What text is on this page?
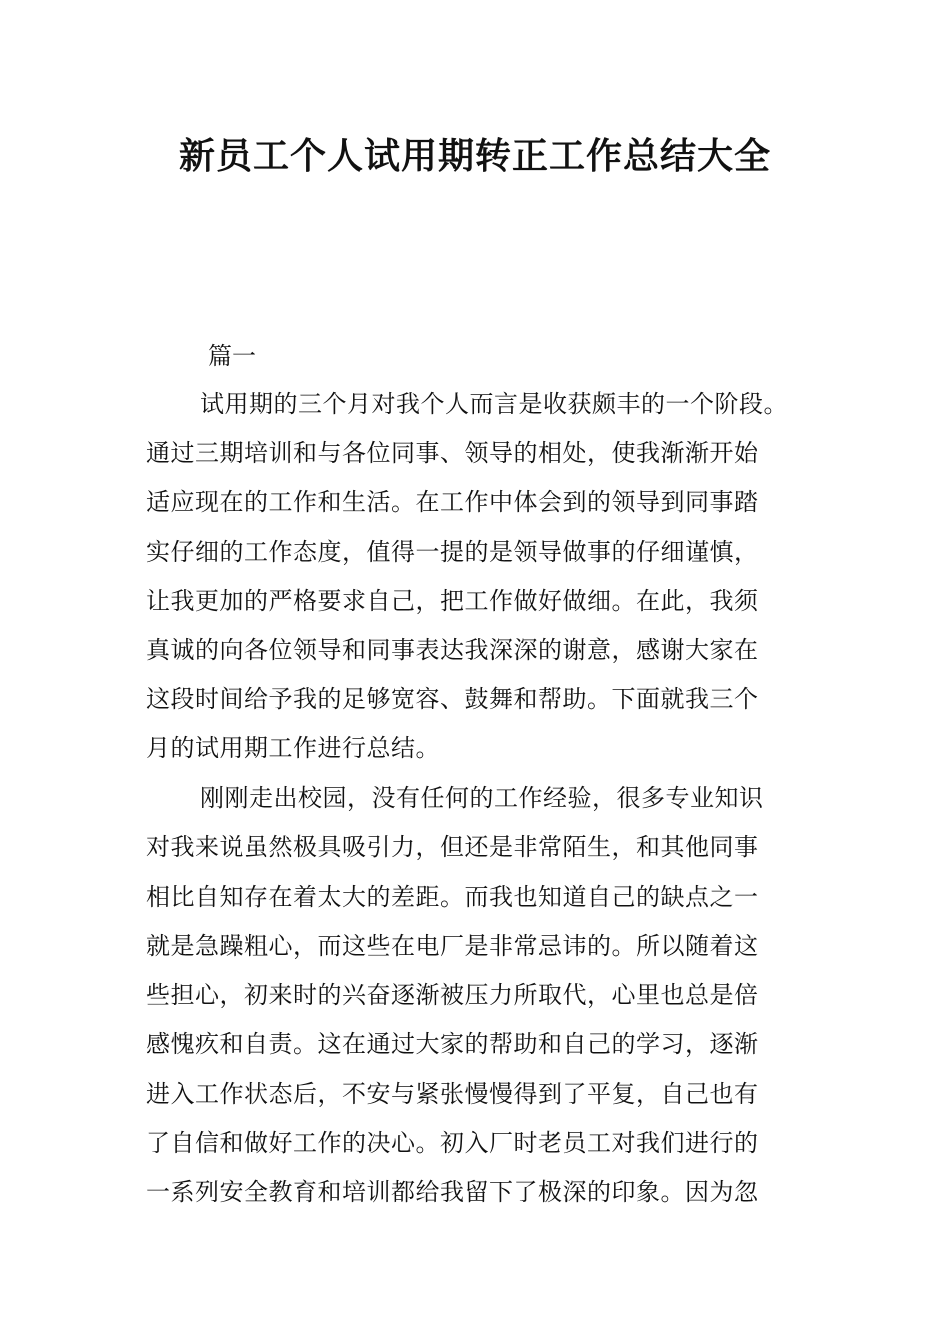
新员工个人试用期转正工作总结大全

篇一

试用期的三个月对我个人而言是收获颇丰的一个阶段。

通过三期培训和与各位同事、领导的相处，使我渐渐开始

适应现在的工作和生活。在工作中体会到的领导到同事踏

实仔细的工作态度，值得一提的是领导做事的仔细谨慎，

让我更加的严格要求自己，把工作做好做细。在此，我须

真诚的向各位领导和同事表达我深深的谢意，感谢大家在

这段时间给予我的足够宽容、鼓舞和帮助。下面就我三个

月的试用期工作进行总结。

刚刚走出校园，没有任何的工作经验，很多专业知识

对我来说虽然极具吸引力，但还是非常陌生，和其他同事

相比自知存在着太大的差距。而我也知道自己的缺点之一

就是急躁粗心，而这些在电厂是非常忌讳的。所以随着这

些担心，初来时的兴奋逐渐被压力所取代，心里也总是倍

感愧疚和自责。这在通过大家的帮助和自己的学习，逐渐

进入工作状态后，不安与紧张慢慢得到了平复，自己也有

了自信和做好工作的决心。初入厂时老员工对我们进行的

一系列安全教育和培训都给我留下了极深的印象。因为忽
